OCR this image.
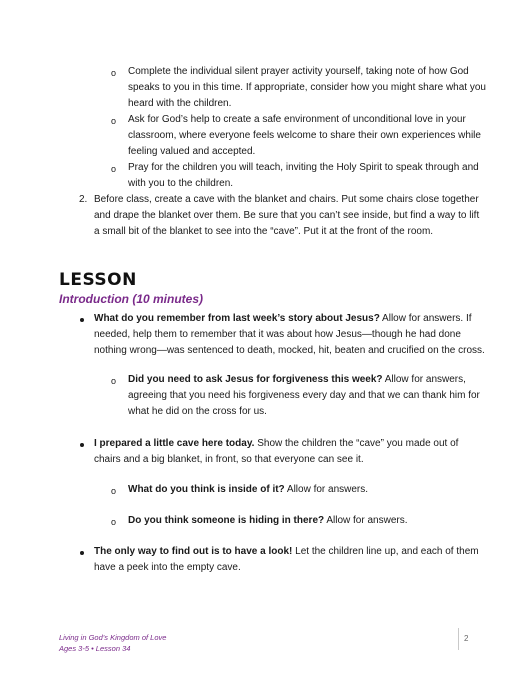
o Complete the individual silent prayer activity yourself, taking note of how God
speaks to you in this time. If appropriate, consider how you might share what you
heard with the children.
o Ask for God’s help to create a safe environment of unconditional love in your
classroom, where everyone feels welcome to share their own experiences while
feeling valued and accepted.
o Pray for the children you will teach, inviting the Holy Spirit to speak through and
with you to the children.
2. Before class, create a cave with the blanket and chairs. Put some chairs close together
and drape the blanket over them. Be sure that you can’t see inside, but find a way to lift
a small bit of the blanket to see into the “cave”. Put it at the front of the room.
LESSON
Introduction (10 minutes)
What do you remember from last week’s story about Jesus? Allow for answers. If
needed, help them to remember that it was about how Jesus—though he had done
nothing wrong—was sentenced to death, mocked, hit, beaten and crucified on the cross.
o Did you need to ask Jesus for forgiveness this week? Allow for answers,
agreeing that you need his forgiveness every day and that we can thank him for
what he did on the cross for us.
I prepared a little cave here today. Show the children the “cave” you made out of
chairs and a big blanket, in front, so that everyone can see it.
o What do you think is inside of it? Allow for answers.
o Do you think someone is hiding in there? Allow for answers.
The only way to find out is to have a look! Let the children line up, and each of them
have a peek into the empty cave.
Living in God’s Kingdom of Love
Ages 3-5 • Lesson 34
2
